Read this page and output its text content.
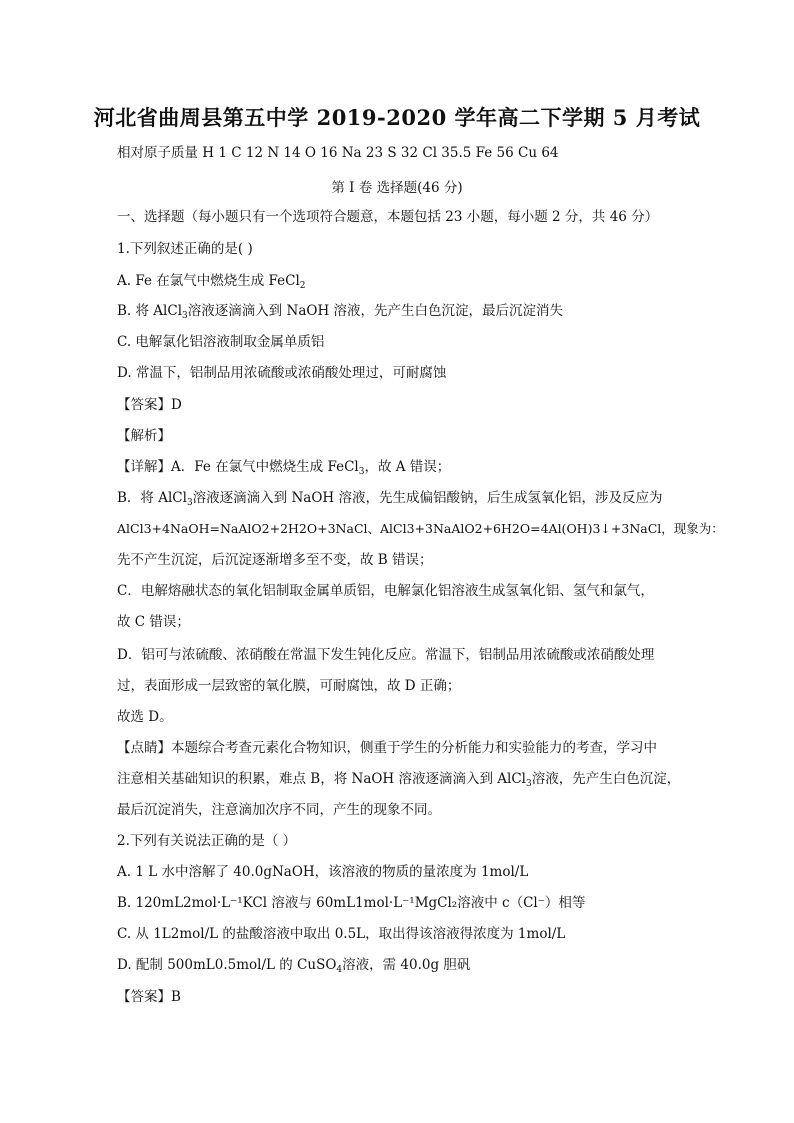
河北省曲周县第五中学 2019-2020 学年高二下学期 5 月考试
相对原子质量 H 1 C 12 N 14 O 16 Na 23 S 32 Cl 35.5 Fe 56 Cu 64
第 I 卷 选择题(46 分)
一、选择题（每小题只有一个选项符合题意，本题包括 23 小题，每小题 2 分，共 46 分）
1.下列叙述正确的是( )
A. Fe 在氯气中燃烧生成 FeCl$_2$
B. 将 AlCl$_3$溶液逐滴滴入到 NaOH 溶液，先产生白色沉淀，最后沉淀消失
C. 电解氯化铝溶液制取金属单质铝
D. 常温下，铝制品用浓硫酸或浓硝酸处理过，可耐腐蚀
【答案】D
【解析】
【详解】A．Fe 在氯气中燃烧生成 FeCl$_3$，故 A 错误；
B．将 AlCl$_3$溶液逐滴滴入到 NaOH 溶液，先生成偏铝酸钠，后生成氢氧化铝，涉及反应为
AlCl3+4NaOH=NaAlO2+2H2O+3NaCl、AlCl3+3NaAlO2+6H2O=4Al(OH)3↓+3NaCl，现象为：
先不产生沉淀，后沉淀逐渐增多至不变，故 B 错误；
C．电解熔融状态的氧化铝制取金属单质铝，电解氯化铝溶液生成氢氧化铝、氢气和氯气，
故 C 错误；
D．铝可与浓硫酸、浓硝酸在常温下发生钝化反应。常温下，铝制品用浓硫酸或浓硝酸处理
过，表面形成一层致密的氧化膜，可耐腐蚀，故 D 正确；
故选 D。
【点睛】本题综合考查元素化合物知识，侧重于学生的分析能力和实验能力的考查，学习中
注意相关基础知识的积累，难点 B，将 NaOH 溶液逐滴滴入到 AlCl$_3$溶液，先产生白色沉淀，
最后沉淀消失，注意滴加次序不同，产生的现象不同。
2.下列有关说法正确的是（ ）
A. 1 L 水中溶解了 40.0gNaOH，该溶液的物质的量浓度为 1mol/L
B. 120mL2mol·L⁻¹KCl 溶液与 60mL1mol·L⁻¹MgCl₂溶液中 c（Cl⁻）相等
C. 从 1L2mol/L 的盐酸溶液中取出 0.5L，取出得该溶液得浓度为 1mol/L
D. 配制 500mL0.5mol/L 的 CuSO$_4$溶液，需 40.0g 胆矾
【答案】B
